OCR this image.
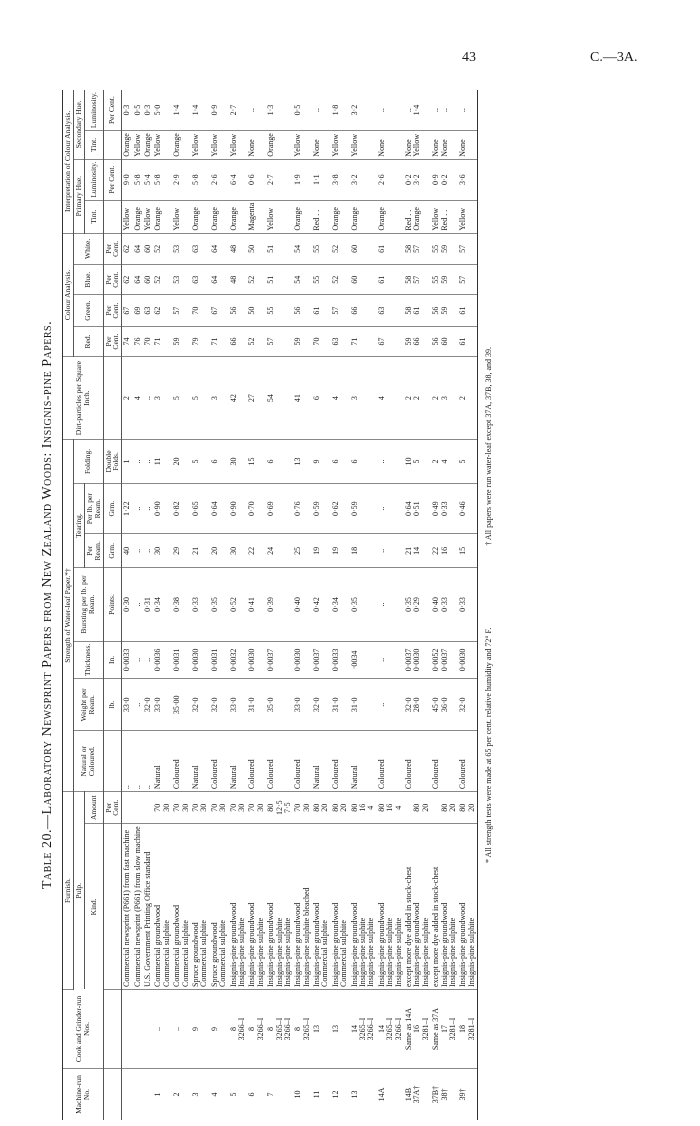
43	C.—3A.
Table 20.—Laboratory Newsprint Papers from New Zealand Woods: Insignis-pine Papers.
Machine-run No.	Cook and Grinder-run Nos.	Furnish.		Strength of Water-leaf Paper.*†							Dirt-particles per Square Inch.	Colour Analysis.				Interpretation of Colour Analysis.			
		Pulp.		Natural or Coloured.	Weight per Ream.	Thickness.	Bursting per lb. per Ream.	Tearing.		Folding.		Red.	Green.	Blue.	White.	Primary Hue.		Secondary Hue.	
		Kind.	Amount					Per Ream.	Per lb. per Ream.							Tint.	Luminosity.	Tint.	Luminosity.
			Per Cent.		lb.	In.	Points.	Grm.	Grm.	Double Folds.		Per Cent.	Per Cent.	Per Cent.	Per Cent.		Per Cent.		Per Cent.

		Commercial newsprint (P661) from fast machine		..	33·0	0·0033	0·30	40	1·22	1	2	74	67	62	62	Yellow	9·0	Orange	0·3

		Commercial newsprint (P661) from slow machine		..	..	..	..	..	..	..	4	76	69	64	64	Orange	5·8	Yellow	0·5

		U.S. Government Printing Office standard		..	32·0	..	0·31	..	..	..	..	70	63	60	60	Yellow	5·4	Orange	0·3

1	..	Commercial groundwood Commercial sulphite	70 30	Natural	33·0	0·0036	0·34	30	0·90	11	3	71	62	52	52	Orange	5·8	Yellow	5·0

2	..	Commercial groundwood Commercial sulphite	70 30	Coloured	35·00	0·0031	0·38	29	0·82	20	5	59	57	53	53	Yellow	2·9	Orange	1·4

3	9	Spruce groundwood Commercial sulphite	70 30	Natural	32·0	0·0030	0·33	21	0·65	5	5	79	70	63	63	Orange	5·8	Yellow	1·4

4	9	Spruce groundwood Commercial sulphite	70 30	Coloured	32·0	0·0031	0·35	20	0·64	6	3	71	67	64	64	Orange	2·6	Yellow	0·9

5	8 3266–I	Insignis-pine groundwood Insignis-pine sulphite	70 30	Natural	33·0	0·0032	0·52	30	0·90	30	42	66	56	48	48	Orange	6·4	Yellow	2·7

6	8 3266–I	Insignis-pine groundwood Insignis-pine sulphite	70 30	Coloured	31·0	0·0030	0·41	22	0·70	15	27	52	50	52	50	Magenta	0·6	None	..

7	8 3265–I 3266–I	Insignis-pine groundwood Insignis-pine sulphite Insignis-pine sulphite	80 12·5 7·5	Coloured	35·0	0·0037	0·39	24	0·69	6	54	57	55	51	51	Yellow	2·7	Orange	1·3

10	8 3265–I	Insignis-pine groundwood Insignis-pine sulphite bleached	70 30	Coloured	33·0	0·0030	0·40	25	0·76	13	41	59	56	54	54	Orange	1·9	Yellow	0·5

11	13	Insignis-pine groundwood Commercial sulphite	80 20	Natural	32·0	0·0037	0·42	19	0·59	9	6	70	61	55	55	Red . .	1·1	None	..

12	13	Insignis-pine groundwood Commercial sulphite	80 20	Coloured	31·0	0·0033	0·34	19	0·62	6	4	63	57	52	52	Orange	3·8	Yellow	1·8

13	14 3265–I 3266–I	Insignis-pine groundwood Insignis-pine sulphite Insignis-pine sulphite	80 16 4	Natural	31·0	·0034	0·35	18	0·59	6	3	71	66	60	60	Orange	3·2	Yellow	3·2

14A	14 3265–I 3266–I	Insignis-pine groundwood Insignis-pine sulphite Insignis-pine sulphite	80 16 4	Coloured	..	..	..	..	..	..	4	67	63	61	61	Orange	2·6	None	..

14B 37A†	Same as 14A 16 3281–I	except more dye added in stock-chest Insignis-pine groundwood Insignis-pine sulphite	80 20	Coloured	32·0 28·0	0·0037 0·0030	0·35 0·29	21 14	0·64 0·51	10 5	2 2	59 66	58 61	58 57	58 57	Red . . Orange	0·2 3·2	None Yellow	.. 1·4

37B† 38†	Same as 37A 17 3281–I	except more dye added in stock-chest Insignis-pine groundwood Insignis-pine sulphite	80 20	Coloured	45·0 36·0	0·0052 0·0037	0·40 0·33	22 16	0·49 0·33	2 4	2 3	56 60	56 59	55 59	55 59	Yellow Red . .	0·9 0·2	None None	.. ..

39†	18 3281–I	Insignis-pine groundwood Insignis-pine sulphite	80 20	Coloured	32·0	0·0030	0·33	15	0·46	5	2	61	61	57	57	Yellow	3·6	None	..
* All strength tests were made at 65 per cent. relative humidity and 72° F. † All papers were run water-leaf except 37A, 37B, 38, and 39.
